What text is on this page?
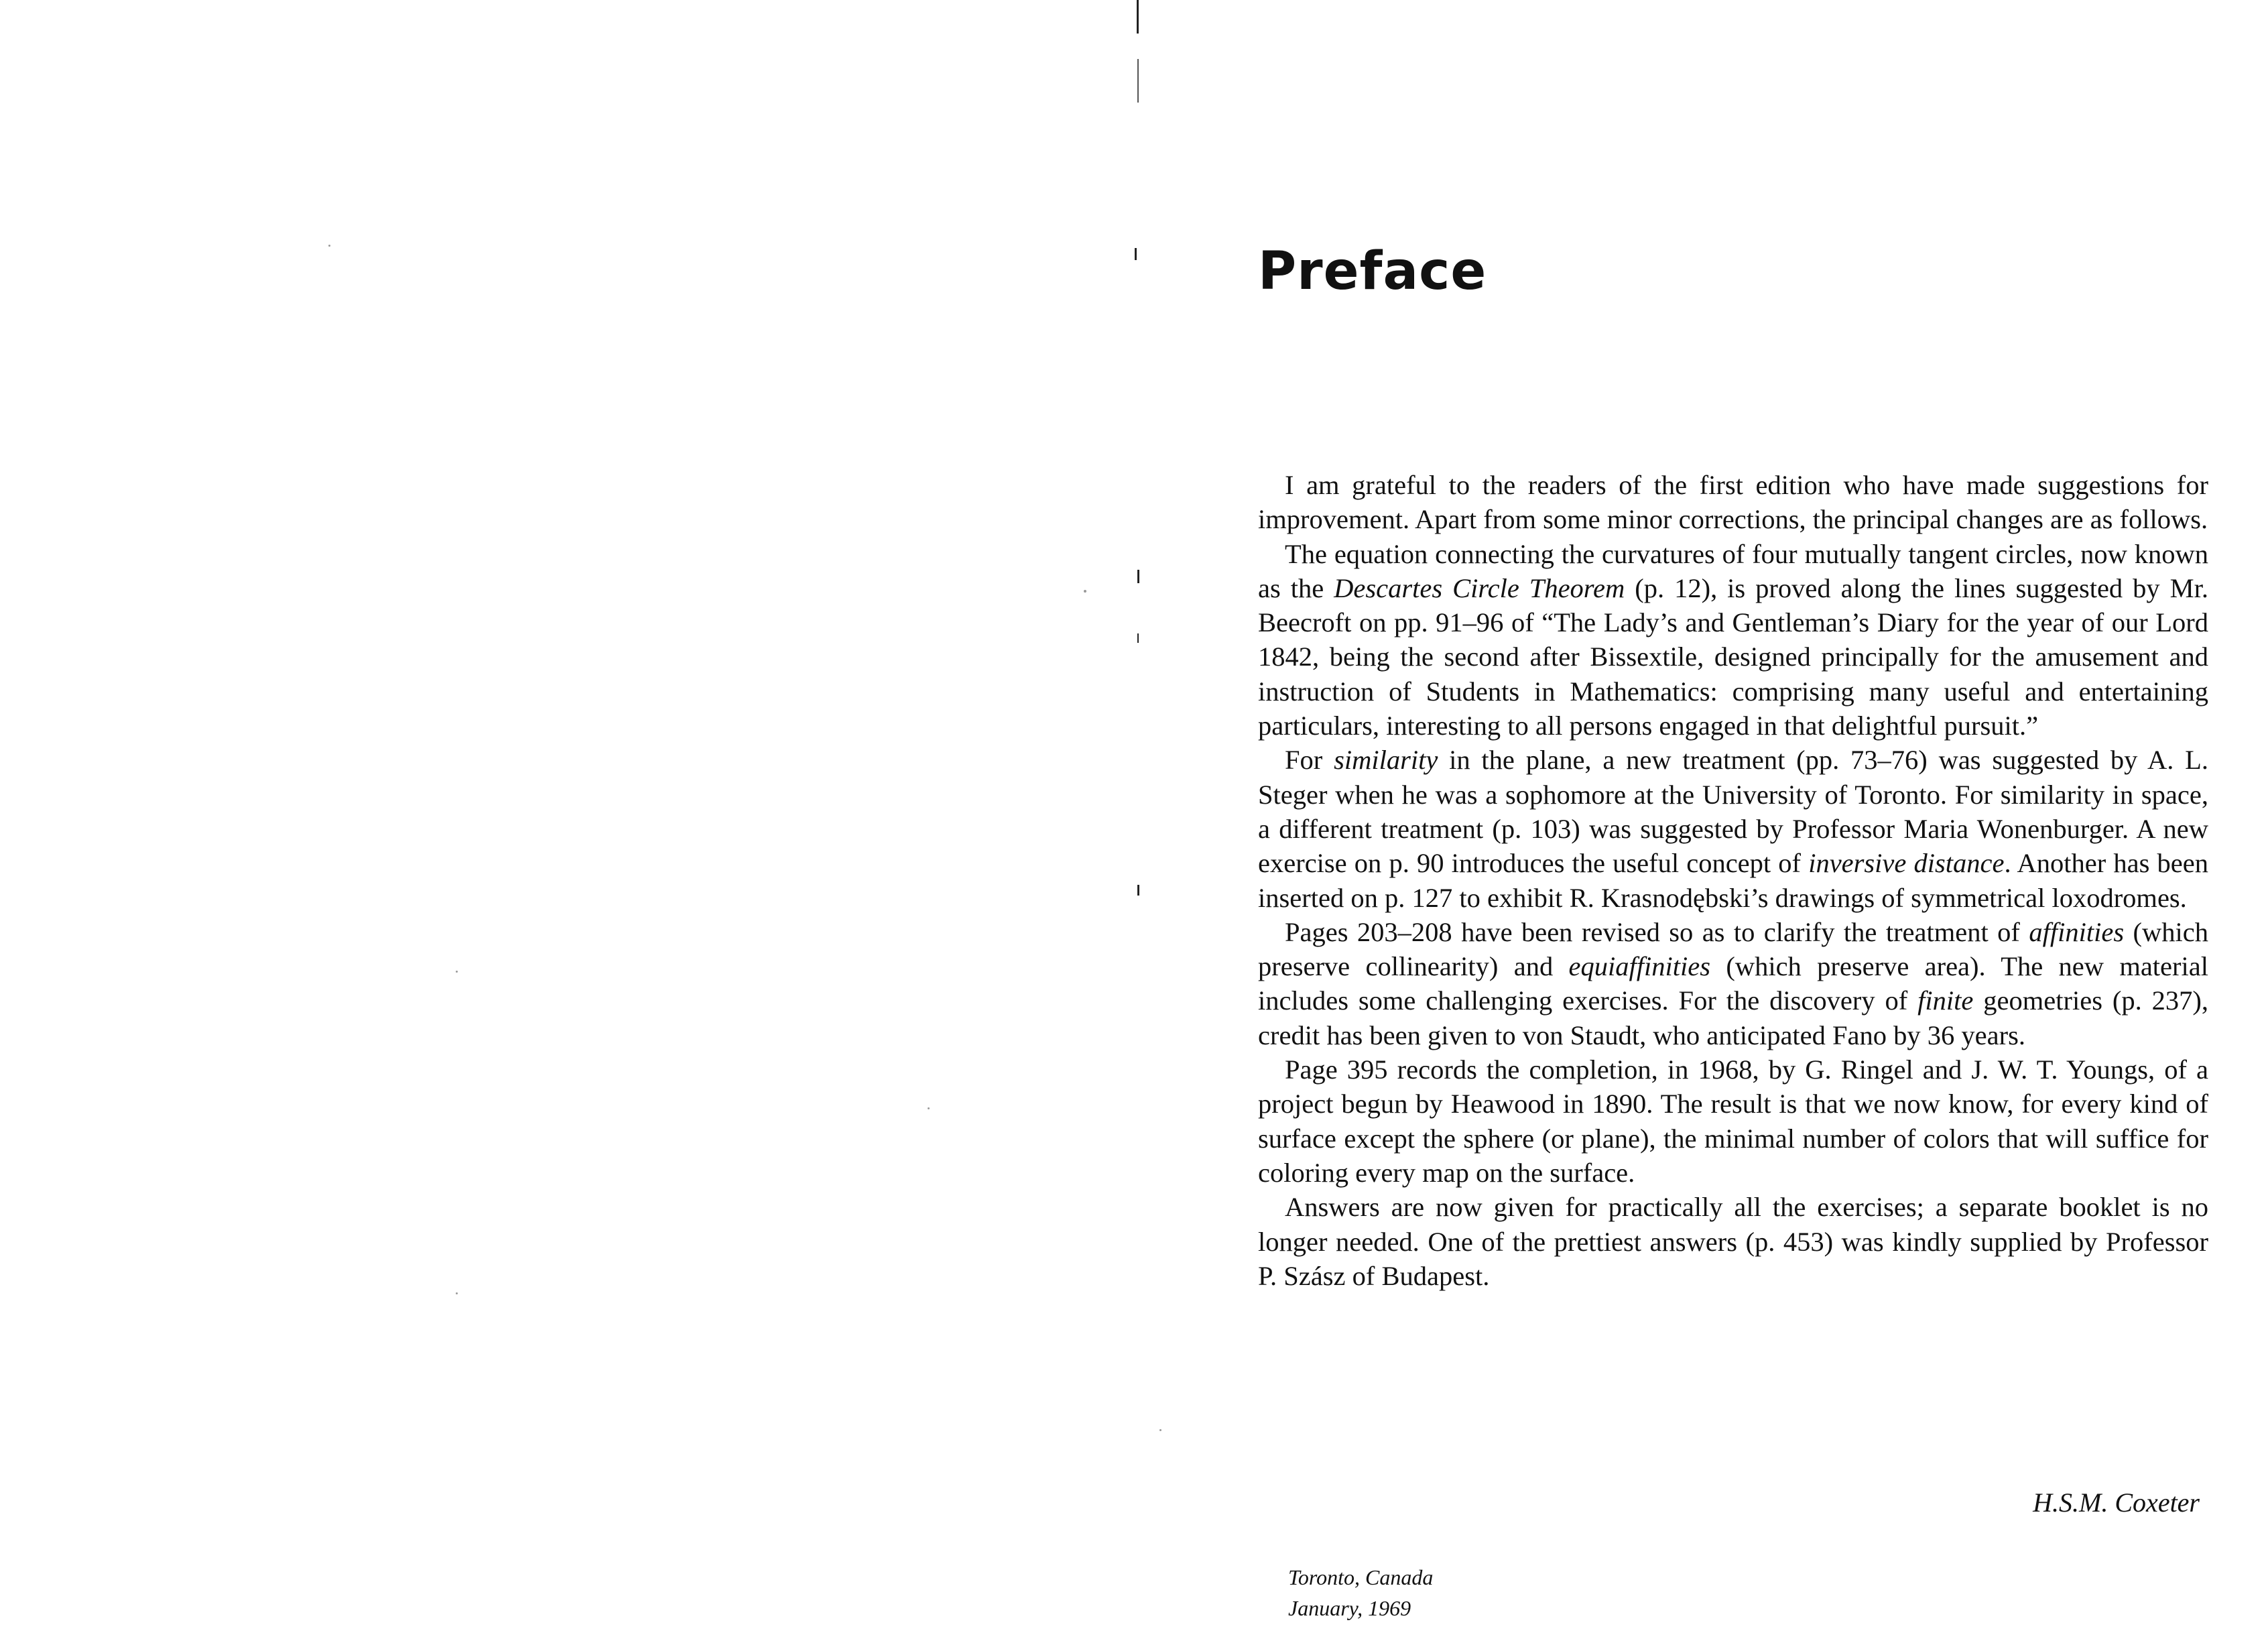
Preface

I am grateful to the readers of the first edition who have made suggestions for improvement. Apart from some minor corrections, the principal changes are as follows.

The equation connecting the curvatures of four mutually tangent circles, now known as the Descartes Circle Theorem (p. 12), is proved along the lines suggested by Mr. Beecroft on pp. 91–96 of “The Lady’s and Gentleman’s Diary for the year of our Lord 1842, being the second after Bissextile, designed principally for the amusement and instruction of Students in Mathematics: comprising many useful and entertaining particulars, interesting to all persons engaged in that delightful pursuit.”

For similarity in the plane, a new treatment (pp. 73–76) was suggested by A. L. Steger when he was a sophomore at the University of Toronto. For similarity in space, a different treatment (p. 103) was suggested by Professor Maria Wonenburger. A new exercise on p. 90 introduces the useful concept of inversive distance. Another has been inserted on p. 127 to exhibit R. Krasnodębski’s drawings of symmetrical loxodromes.

Pages 203–208 have been revised so as to clarify the treatment of affinities (which preserve collinearity) and equiaffinities (which preserve area). The new material includes some challenging exercises. For the discovery of finite geometries (p. 237), credit has been given to von Staudt, who anticipated Fano by 36 years.

Page 395 records the completion, in 1968, by G. Ringel and J. W. T. Youngs, of a project begun by Heawood in 1890. The result is that we now know, for every kind of surface except the sphere (or plane), the minimal number of colors that will suffice for coloring every map on the surface.

Answers are now given for practically all the exercises; a separate booklet is no longer needed. One of the prettiest answers (p. 453) was kindly supplied by Professor P. Szász of Budapest.

H.S.M. Coxeter
Toronto, Canada
January, 1969
